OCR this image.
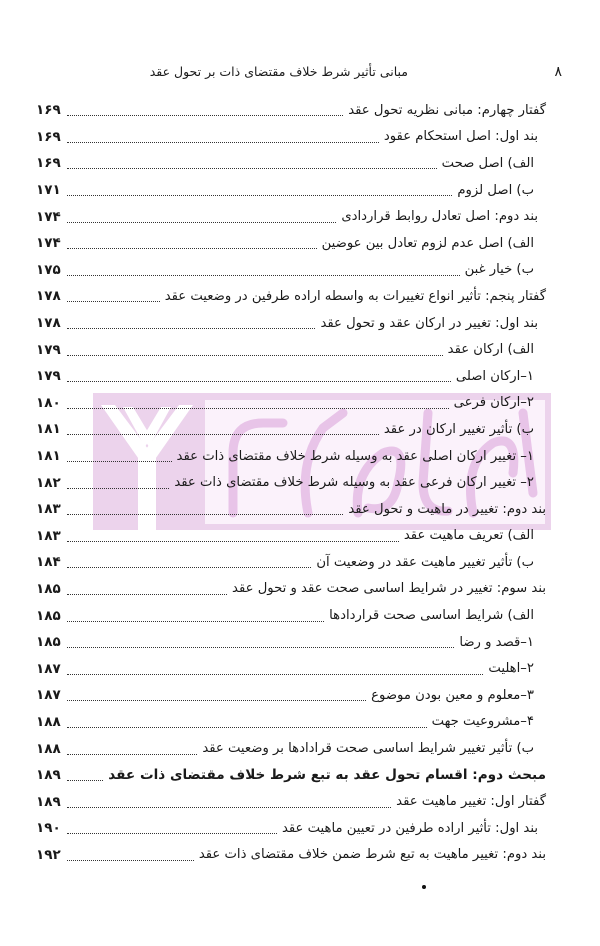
۸
مبانی تأثیر شرط خلاف مقتضای ذات بر تحول عقد
گفتار چهارم: مبانی نظریه تحول عقد
۱۶۹
بند اول: اصل استحکام عقود
۱۶۹
الف) اصل صحت
۱۶۹
ب) اصل لزوم
۱۷۱
بند دوم: اصل تعادل روابط قراردادی
۱۷۴
الف) اصل عدم لزوم تعادل بین عوضین
۱۷۴
ب) خیار غبن
۱۷۵
گفتار پنجم: تأثیر انواع تغییرات به واسطه اراده طرفین در وضعیت عقد
۱۷۸
بند اول: تغییر در ارکان عقد و تحول عقد
۱۷۸
الف) ارکان عقد
۱۷۹
۱–ارکان اصلی
۱۷۹
۲–ارکان فرعی
۱۸۰
ب) تأثیر تغییر ارکان در عقد
۱۸۱
۱– تغییر ارکان اصلی عقد به وسیله شرط خلاف مقتضای ذات عقد
۱۸۱
۲– تغییر ارکان فرعی عقد به وسیله شرط خلاف مقتضای ذات عقد
۱۸۲
بند دوم: تغییر در ماهیت و تحول عقد
۱۸۳
الف) تعریف ماهیت عقد
۱۸۳
ب) تأثیر تغییر ماهیت عقد در وضعیت آن
۱۸۴
بند سوم: تغییر در شرایط اساسی صحت عقد و تحول عقد
۱۸۵
الف) شرایط اساسی صحت قراردادها
۱۸۵
۱–قصد و رضا
۱۸۵
۲–اهلیت
۱۸۷
۳–معلوم و معین بودن موضوع
۱۸۷
۴–مشروعیت جهت
۱۸۸
ب) تأثیر تغییر شرایط اساسی صحت قرادادها بر وضعیت عقد
۱۸۸
مبحث دوم: اقسام تحول عقد به تبع شرط خلاف مقتضای ذات عقد
۱۸۹
گفتار اول: تغییر ماهیت عقد
۱۸۹
بند اول: تأثیر اراده طرفین در تعیین ماهیت عقد
۱۹۰
بند دوم: تغییر ماهیت به تبع شرط ضمن خلاف مقتضای ذات عقد
۱۹۲
